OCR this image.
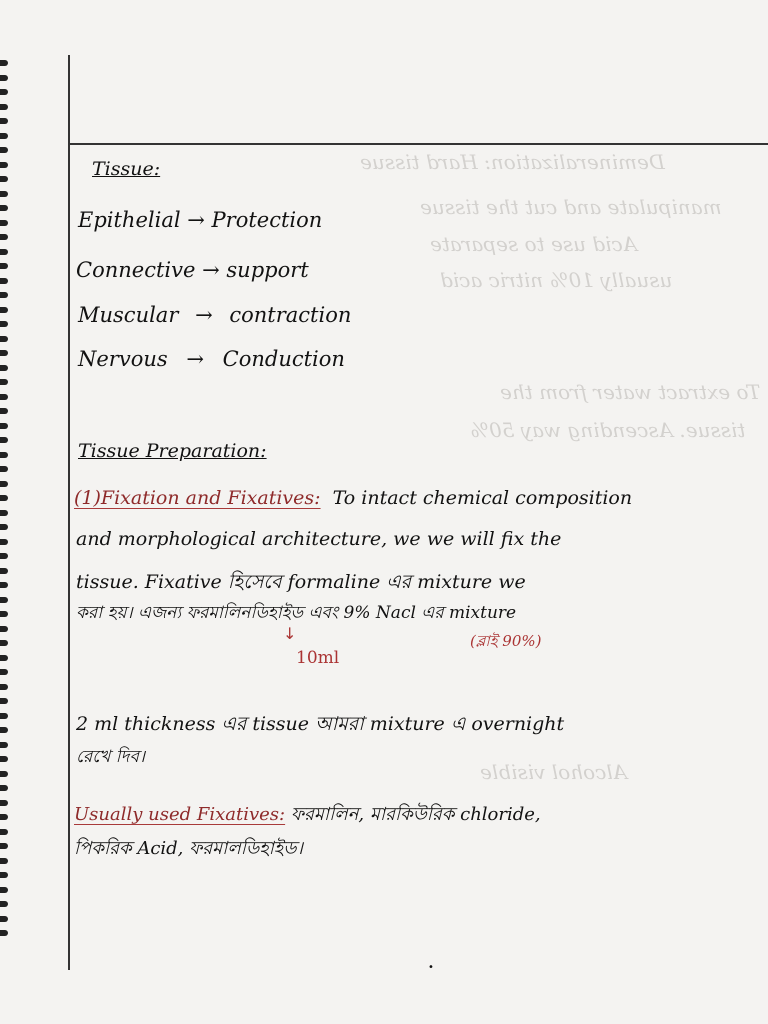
Demineralization: Hard tissue
manipulate and cut the tissue
Acid use to separate
usually 10% nitric acid
To extract water from the
tissue. Ascending way 50%
Alcohol visible
Tissue:
Epithelial → Protection
Connective → support
Muscular → contraction
Nervous → Conduction
Tissue Preparation:
(1)Fixation and Fixatives: To intact chemical composition
and morphological architecture, we we will fix the
tissue. Fixative হিসেবে formaline এর mixture we
করা হয়। এজন্য ফরমালিনডিহাইড এবং 9% Nacl এর mixture
↓
10ml
(ব্লাই 90%)
2 ml thickness এর tissue আমরা mixture এ overnight
রেখে দিব।
Usually used Fixatives: ফরমালিন, মারকিউরিক chloride,
পিকরিক Acid, ফরমালডিহাইড।
•
